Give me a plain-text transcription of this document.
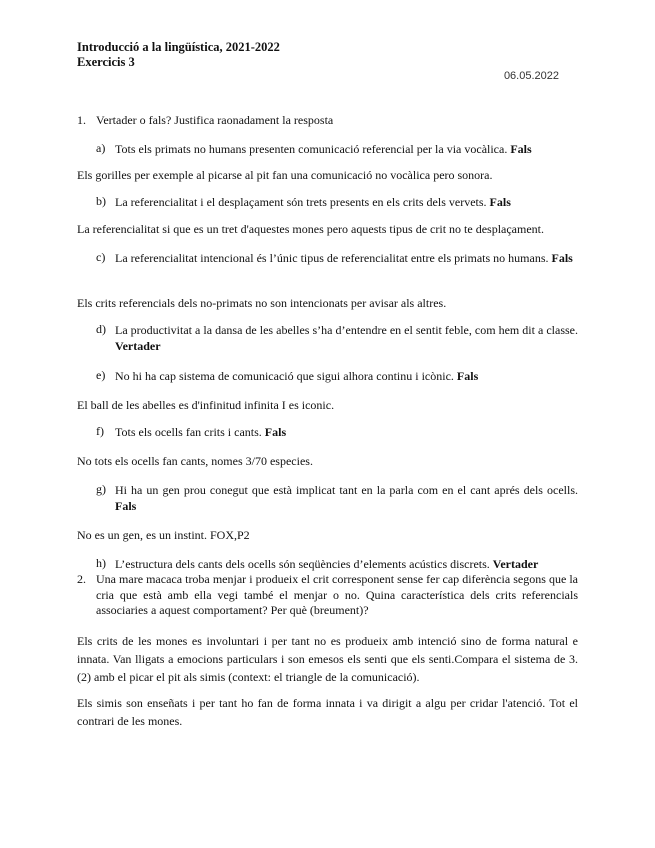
Introducció a la lingüística, 2021-2022
Exercicis 3
06.05.2022
1. Vertader o fals? Justifica raonadament la resposta
a) Tots els primats no humans presenten comunicació referencial per la via vocàlica. Fals
Els gorilles per exemple al picarse al pit fan una comunicació no vocàlica pero sonora.
b) La referencialitat i el desplaçament són trets presents en els crits dels vervets. Fals
La referencialitat si que es un tret d'aquestes mones pero aquests tipus de crit no te desplaçament.
c) La referencialitat intencional és l’únic tipus de referencialitat entre els primats no humans. Fals
Els crits referencials dels no-primats no son intencionats per avisar als altres.
d) La productivitat a la dansa de les abelles s’ha d’entendre en el sentit feble, com hem dit a classe. Vertader
e) No hi ha cap sistema de comunicació que sigui alhora continu i icònic. Fals
El ball de les abelles es d'infinitud infinita I es iconic.
f) Tots els ocells fan crits i cants. Fals
No tots els ocells fan cants, nomes 3/70 especies.
g) Hi ha un gen prou conegut que està implicat tant en la parla com en el cant aprés dels ocells. Fals
No es un gen, es un instint. FOX,P2
h) L’estructura dels cants dels ocells són seqüències d’elements acústics discrets. Vertader
2. Una mare macaca troba menjar i produeix el crit corresponent sense fer cap diferència segons que la cria que està amb ella vegi també el menjar o no. Quina característica dels crits referencials associaries a aquest comportament? Per què (breument)?
Els crits de les mones es involuntari i per tant no es produeix amb intenció sino de forma natural e innata. Van lligats a emocions particulars i son emesos els senti que els senti.Compara el sistema de 3. (2) amb el picar el pit als simis (context: el triangle de la comunicació).
Els simis son enseñats i per tant ho fan de forma innata i va dirigit a algu per cridar l'atenció. Tot el contrari de les mones.
